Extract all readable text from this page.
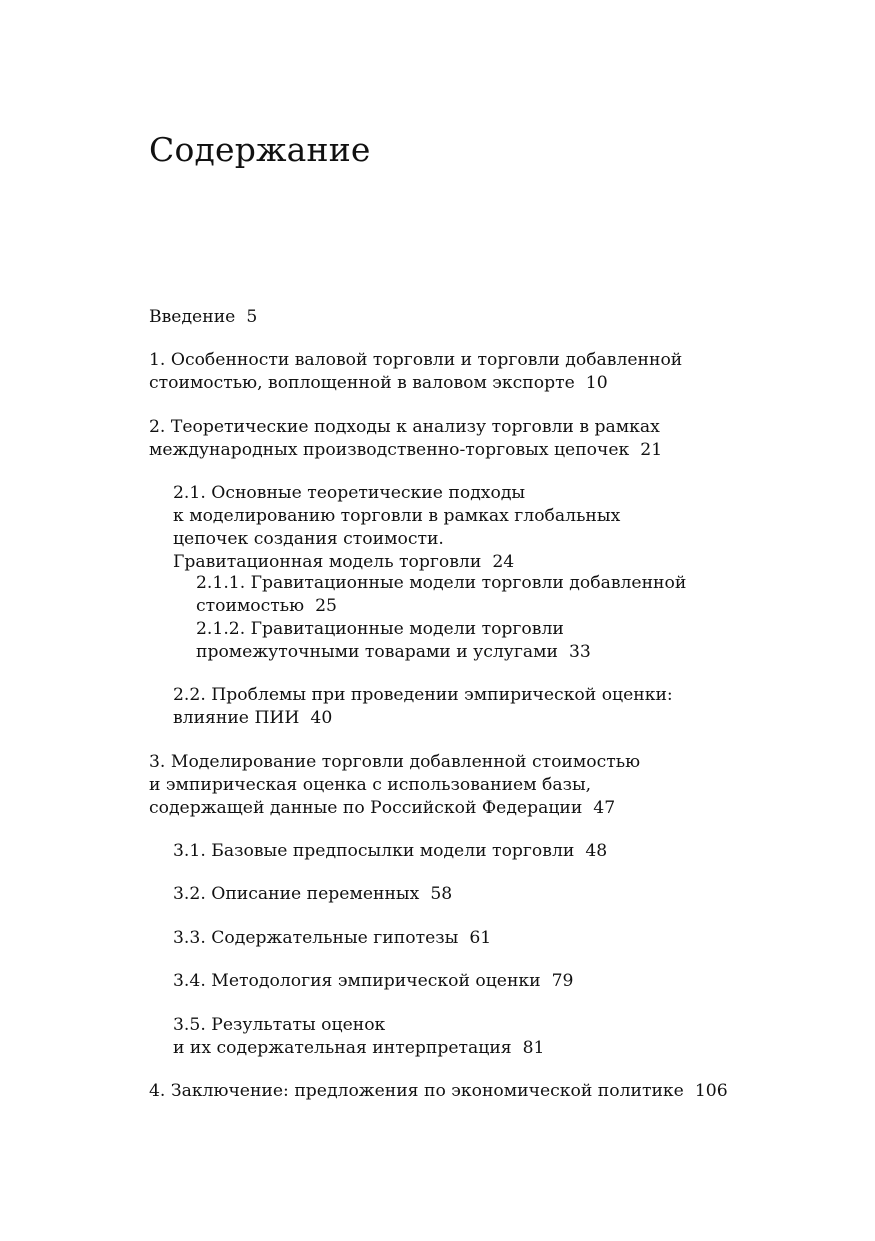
Содержание
Введение 5
1. Особенности валовой торговли и торговли добавленной
стоимостью, воплощенной в валовом экспорте 10
2. Теоретические подходы к анализу торговли в рамках
международных производственно-торговых цепочек 21
2.1. Основные теоретические подходы
к моделированию торговли в рамках глобальных
цепочек создания стоимости.
Гравитационная модель торговли 24
2.1.1. Гравитационные модели торговли добавленной
стоимостью 25
2.1.2. Гравитационные модели торговли
промежуточными товарами и услугами 33
2.2. Проблемы при проведении эмпирической оценки:
влияние ПИИ 40
3. Моделирование торговли добавленной стоимостью
и эмпирическая оценка с использованием базы,
содержащей данные по Российской Федерации 47
3.1. Базовые предпосылки модели торговли 48
3.2. Описание переменных 58
3.3. Содержательные гипотезы 61
3.4. Методология эмпирической оценки 79
3.5. Результаты оценок
и их содержательная интерпретация 81
4. Заключение: предложения по экономической политике 106
